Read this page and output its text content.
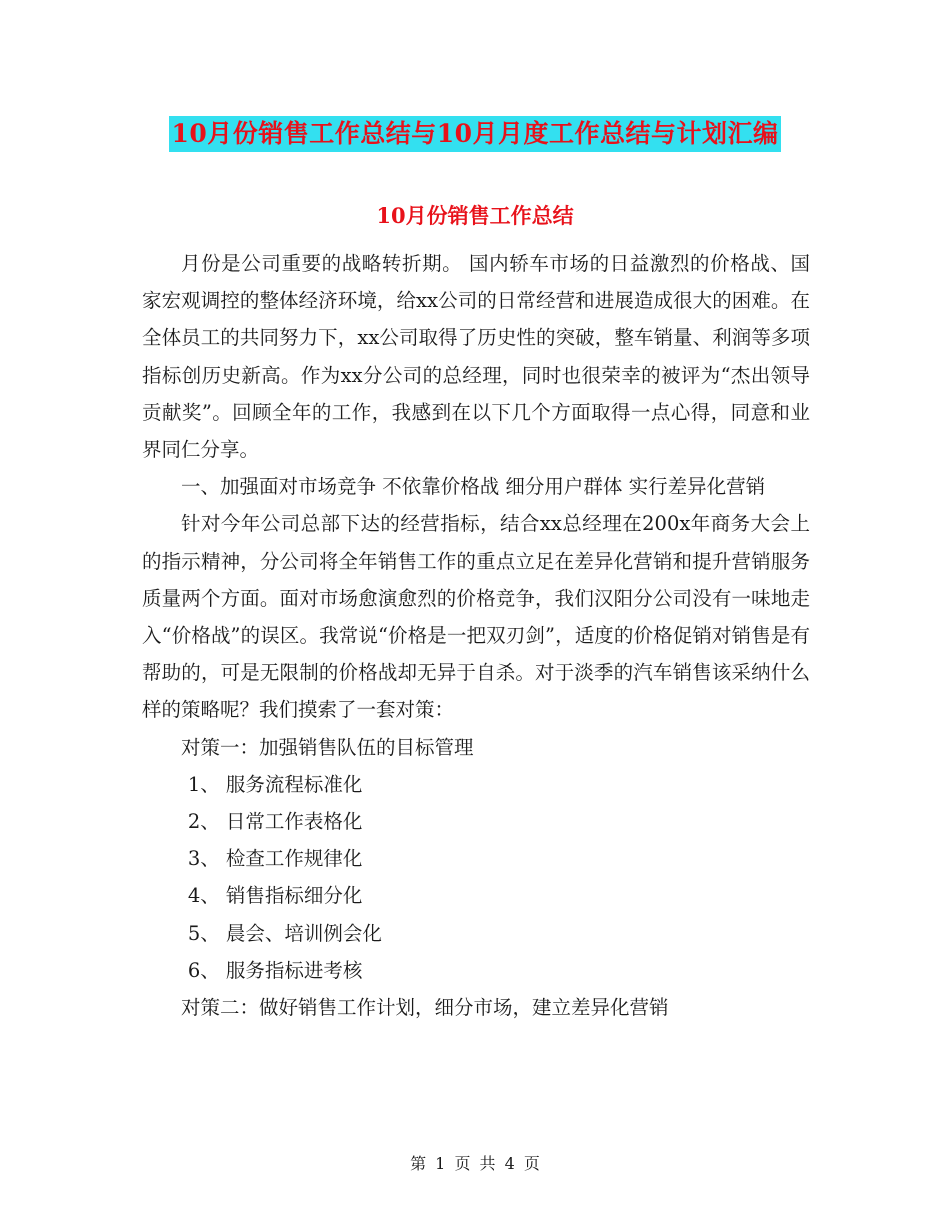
10月份销售工作总结与10月月度工作总结与计划汇编
10月份销售工作总结

月份是公司重要的战略转折期。 国内轿车市场的日益激烈的价格战、国家宏观调控的整体经济环境，给xx公司的日常经营和进展造成很大的困难。在全体员工的共同努力下，xx公司取得了历史性的突破，整车销量、利润等多项指标创历史新高。作为xx分公司的总经理，同时也很荣幸的被评为“杰出领导贡献奖”。回顾全年的工作，我感到在以下几个方面取得一点心得，同意和业界同仁分享。

一、加强面对市场竞争 不依靠价格战 细分用户群体 实行差异化营销

针对今年公司总部下达的经营指标，结合xx总经理在200x年商务大会上的指示精神，分公司将全年销售工作的重点立足在差异化营销和提升营销服务质量两个方面。面对市场愈演愈烈的价格竞争，我们汉阳分公司没有一味地走入“价格战”的误区。我常说“价格是一把双刃剑”，适度的价格促销对销售是有帮助的，可是无限制的价格战却无异于自杀。对于淡季的汽车销售该采纳什么样的策略呢？我们摸索了一套对策：

对策一：加强销售队伍的目标管理

1、 服务流程标准化

2、 日常工作表格化

3、 检查工作规律化

4、 销售指标细分化

5、 晨会、培训例会化

6、 服务指标进考核

对策二：做好销售工作计划，细分市场，建立差异化营销

第 1 页 共 4 页
